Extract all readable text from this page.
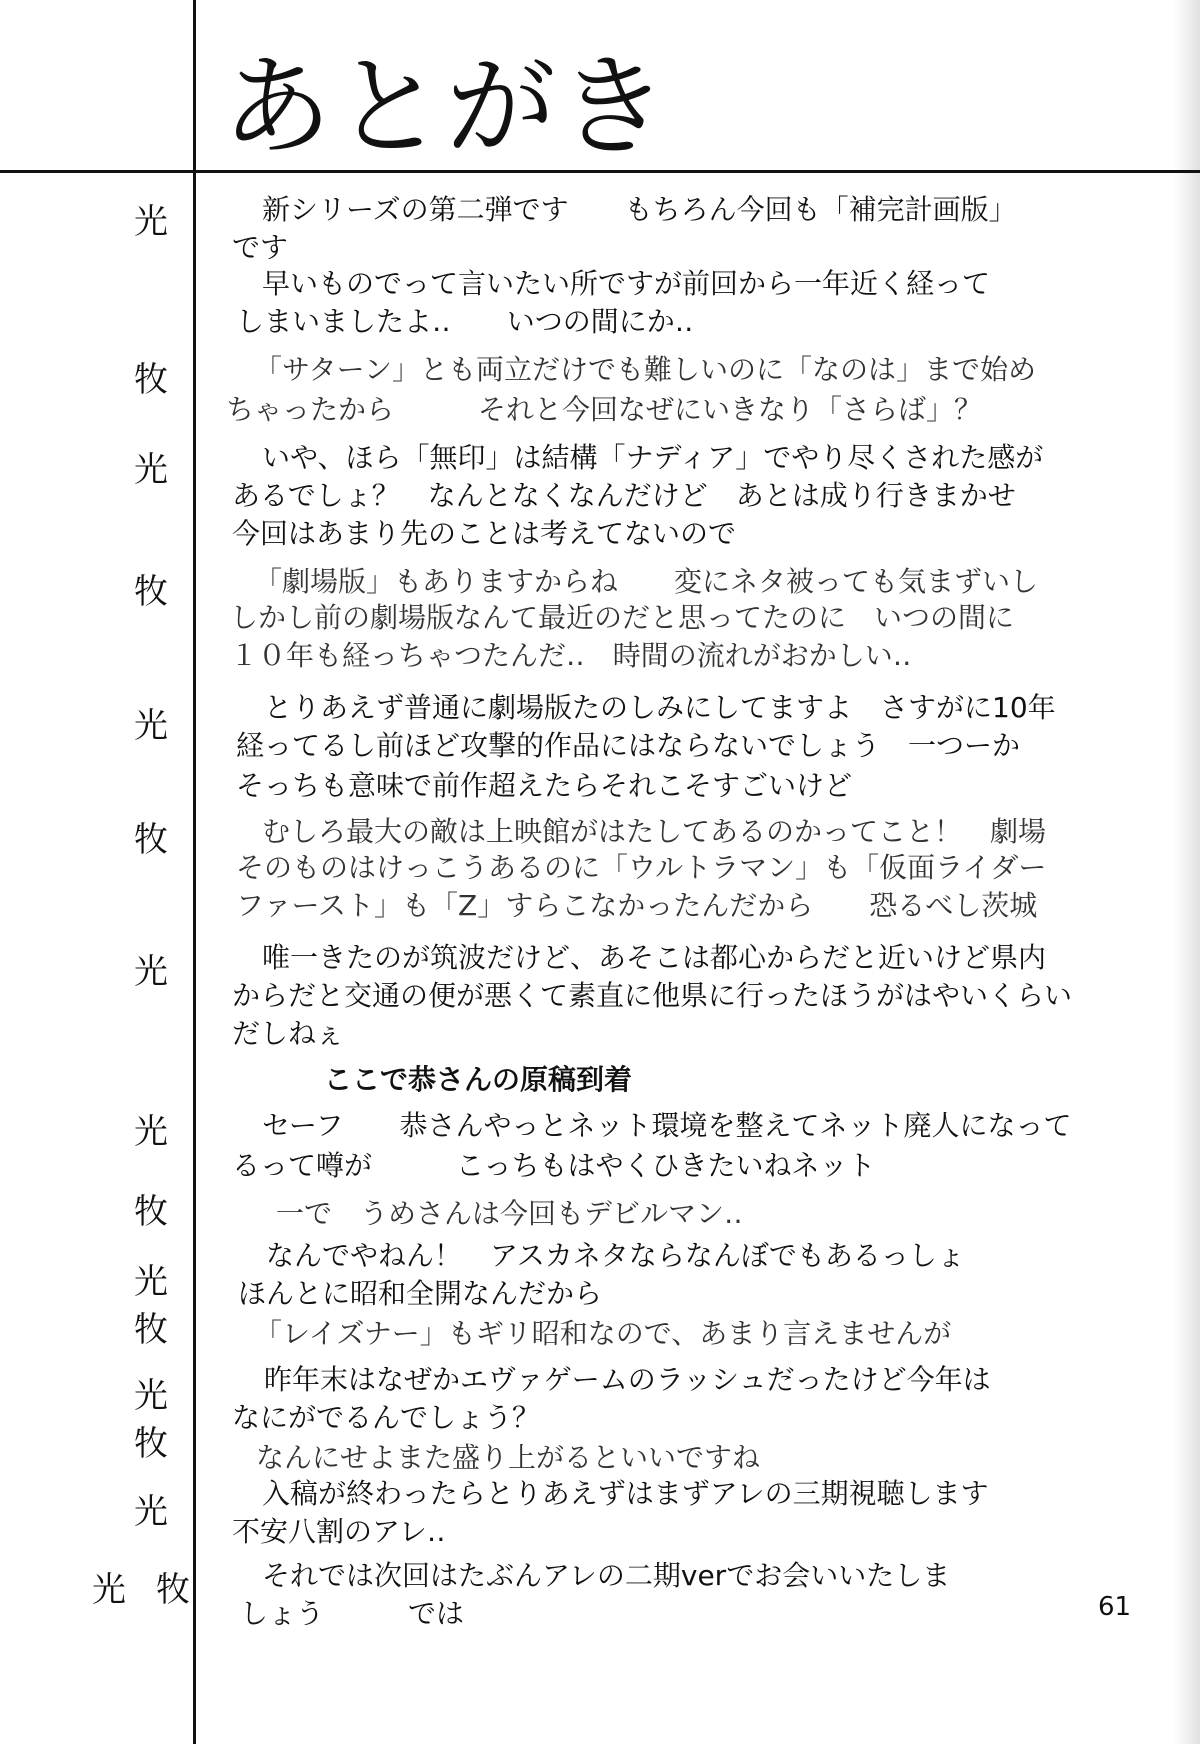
あとがき
光
牧
光
牧
光
牧
光
光
牧
光
牧
光
牧
光
光 牧
新シリーズの第二弾です　　もちろん今回も「補完計画版」
です
早いものでって言いたい所ですが前回から一年近く経って
しまいましたよ‥　　いつの間にか‥
「サターン」とも両立だけでも難しいのに「なのは」まで始め
ちゃったから　　　それと今回なぜにいきなり「さらば」？
いや、ほら「無印」は結構「ナディア」でやり尽くされた感が
あるでしょ？　なんとなくなんだけど　あとは成り行きまかせ
今回はあまり先のことは考えてないので
「劇場版」もありますからね　　変にネタ被っても気まずいし
しかし前の劇場版なんて最近のだと思ってたのに　いつの間に
１０年も経っちゃつたんだ‥　時間の流れがおかしい‥
とりあえず普通に劇場版たのしみにしてますよ　さすがに10年
経ってるし前ほど攻撃的作品にはならないでしょう　一つーか
そっちも意味で前作超えたらそれこそすごいけど
むしろ最大の敵は上映館がはたしてあるのかってこと！　劇場
そのものはけっこうあるのに「ウルトラマン」も「仮面ライダー
ファースト」も「Z」すらこなかったんだから　　恐るべし茨城
唯一きたのが筑波だけど、あそこは都心からだと近いけど県内
からだと交通の便が悪くて素直に他県に行ったほうがはやいくらい
だしねぇ
ここで恭さんの原稿到着
セーフ　　恭さんやっとネット環境を整えてネット廃人になって
るって噂が　　　こっちもはやくひきたいねネット
一で　うめさんは今回もデビルマン‥
なんでやねん！　アスカネタならなんぼでもあるっしょ
ほんとに昭和全開なんだから
「レイズナー」もギリ昭和なので、あまり言えませんが
昨年末はなぜかエヴァゲームのラッシュだったけど今年は
なにがでるんでしょう？
なんにせよまた盛り上がるといいですね
入稿が終わったらとりあえずはまずアレの三期視聴します
不安八割のアレ‥
それでは次回はたぶんアレの二期verでお会いいたしま
しょう　　　では	61
